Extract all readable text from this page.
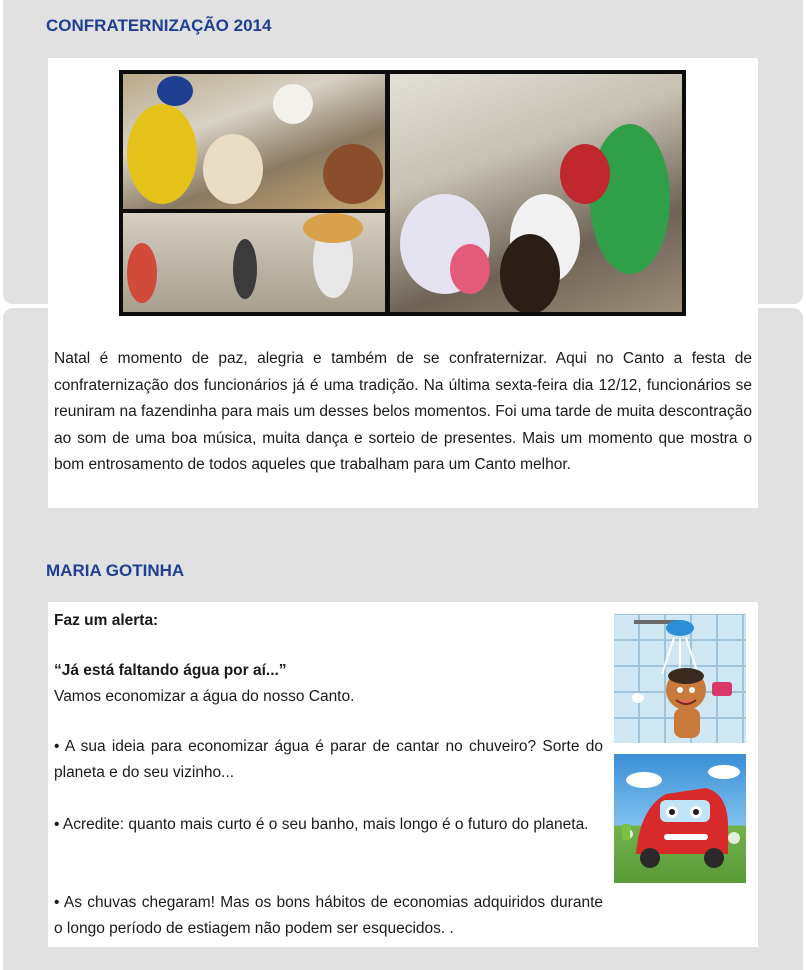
CONFRATERNIZAÇÃO 2014

Natal é momento de paz, alegria e também de se confraternizar. Aqui no Canto a festa de confraternização dos funcionários já é uma tradição. Na última sexta-feira dia 12/12, funcionários se reuniram na fazendinha para mais um desses belos momentos. Foi uma tarde de muita descontração ao som de uma boa música, muita dança e sorteio de presentes. Mais um momento que mostra o bom entrosamento de todos aqueles que trabalham para um Canto melhor.

MARIA GOTINHA

Faz um alerta:

“Já está faltando água por aí...”

Vamos economizar a água do nosso Canto.

• A sua ideia para economizar água é parar de cantar no chuveiro? Sorte do planeta e do seu vizinho...

• Acredite: quanto mais curto é o seu banho, mais longo é o futuro do planeta.

• As chuvas chegaram! Mas os bons hábitos de economias adquiridos durante o longo período de estiagem não podem ser esquecidos. .
